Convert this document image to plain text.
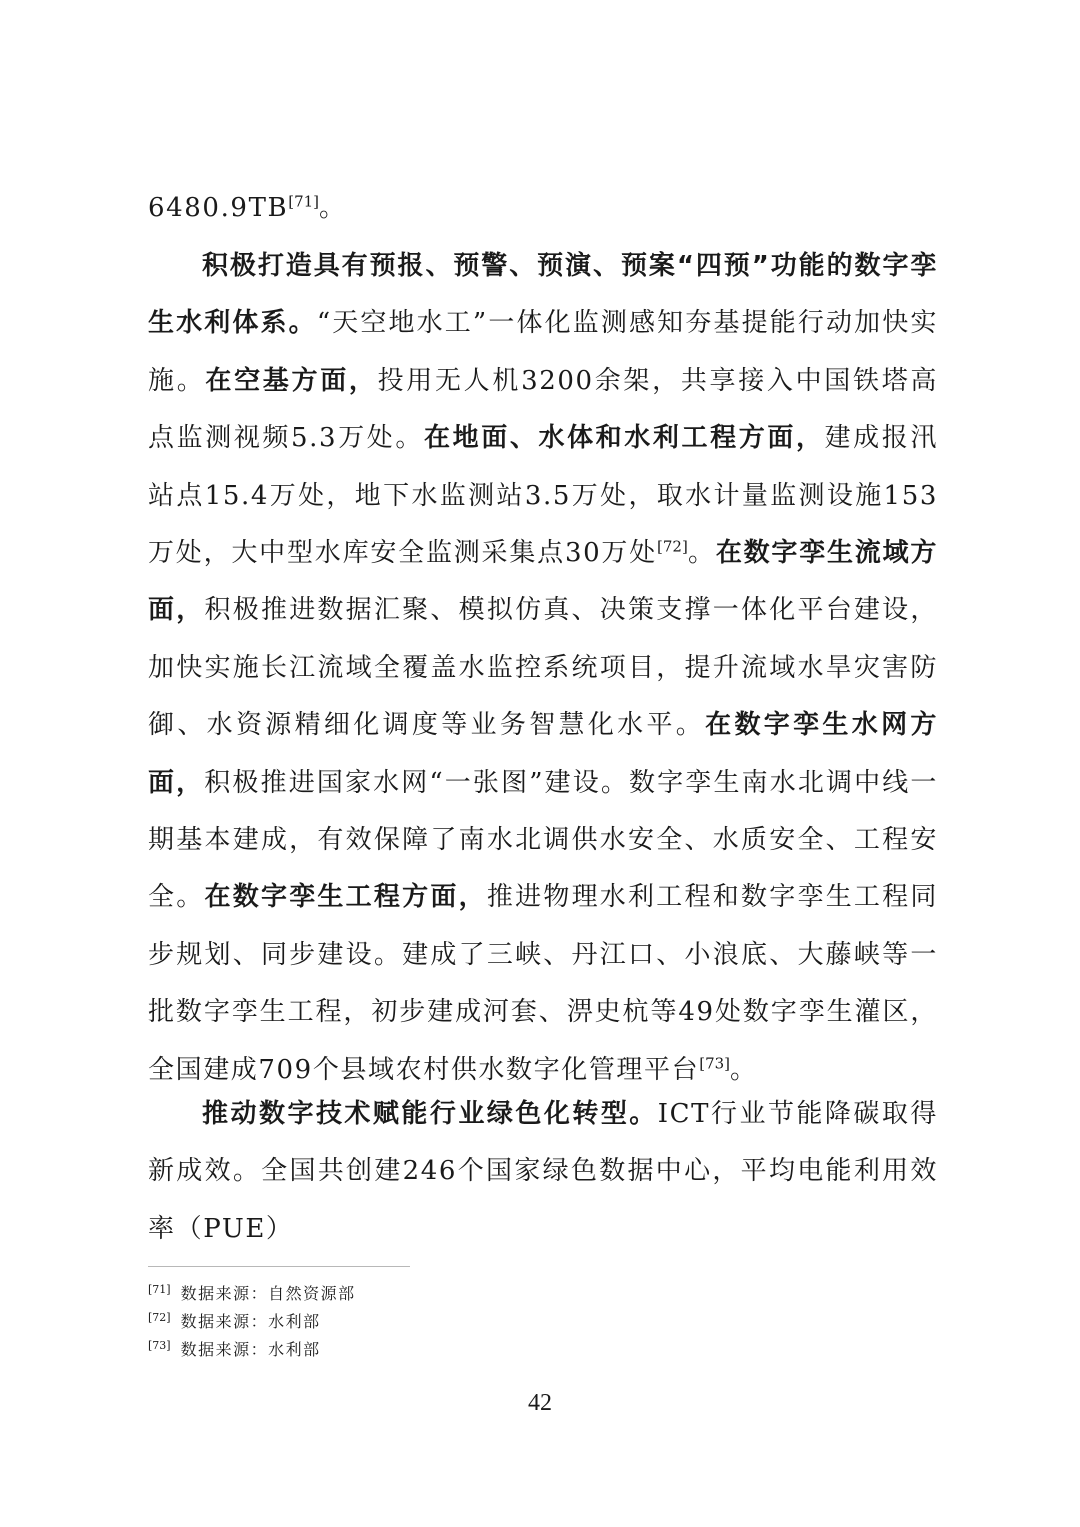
6480.9TB[71]。

积极打造具有预报、预警、预演、预案“四预”功能的数字孪生水利体系。“天空地水工”一体化监测感知夯基提能行动加快实施。在空基方面，投用无人机3200余架，共享接入中国铁塔高点监测视频5.3万处。在地面、水体和水利工程方面，建成报汛站点15.4万处，地下水监测站3.5万处，取水计量监测设施153万处，大中型水库安全监测采集点30万处[72]。在数字孪生流域方面，积极推进数据汇聚、模拟仿真、决策支撑一体化平台建设，加快实施长江流域全覆盖水监控系统项目，提升流域水旱灾害防御、水资源精细化调度等业务智慧化水平。在数字孪生水网方面，积极推进国家水网“一张图”建设。数字孪生南水北调中线一期基本建成，有效保障了南水北调供水安全、水质安全、工程安全。在数字孪生工程方面，推进物理水利工程和数字孪生工程同步规划、同步建设。建成了三峡、丹江口、小浪底、大藤峡等一批数字孪生工程，初步建成河套、淠史杭等49处数字孪生灌区，全国建成709个县域农村供水数字化管理平台[73]。

推动数字技术赋能行业绿色化转型。ICT行业节能降碳取得新成效。全国共创建246个国家绿色数据中心，平均电能利用效率（PUE）

[71] 数据来源：自然资源部
[72] 数据来源：水利部
[73] 数据来源：水利部
42
